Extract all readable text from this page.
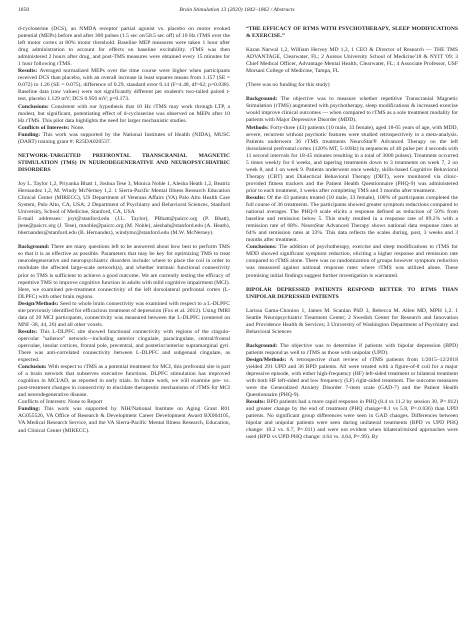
1850	Brain Stimulation 13 (2020) 1842–1862 / Abstracts

d-cycloserine (DCS), an NMDA receptor partial agonist vs. placebo on motor evoked potential (MEPs) before and after 300 pulses (1.5 sec on/58.5 sec off) of 10 Hz rTMS over the left motor cortex at 80% motor threshold. Baseline MEP measures were taken 1 hour after drug administration to account for effects on baseline excitability. rTMS was then administered 2 hours after drug, and post-TMS measures were obtained every 15 minutes for 1 hour following rTMS.

Results: Averaged normalized MEPs over the time course were higher when participants received DCS than placebo, with an overall increase in least squares means from 1.157 (SE = 0.072) to 1.26 (SE = 0.075), difference of 0.29, standard error 0.14 (F=4.48, df=62; p=0.038). Baseline data (raw values) were not significantly different per student's two-tailed paired t-test, placebo 1.129 mV; DCS 0.956 mV; p=0.173.

Conclusions: Consistent with our hypothesis that 10 Hz rTMS may work through LTP, a modest, but significant, potentiating effect of d-cycloserine was observed on MEPs after 10 Hz rTMS. This pilot data highlights the need for larger mechanistic studies.

Conflicts of Interests: None.

Funding: This work was supported by the National Institutes of Health (NIDA), MUSC (DART) training grant #: R25DA020537.

NETWORK-TARGETED PREFRONTAL TRANSCRANIAL MAGNETIC STIMULATION (TMS) IN NEURODEGENERATIVE AND NEUROPSYCHIATRIC DISORDERS

Joy L. Taylor 1,2, Priyanka Bhatt 1, Joshua Tese 3, Monica Noble 1, Alesha Heath 1,2, Beatriz Hernandez 1,2, M. Windy McNerney 1,2. 1 Sierra-Pacific Mental Illness Research Education Clinical Center (MIRECC), US Department of Veterans Affairs (VA) Palo Alto Health Care System, Palo Alto, CA, USA; 2 Department of Psychiatry and Behavioral Sciences, Stanford University, School of Medicine, Stanford, CA, USA

E-mail addresses: joyt@stanford.edu (J.L. Taylor), PBhatt@paicrc.org (P. Bhatt), jtese@paicrc.org (J. Tese), mnoble@paicrc.org (M. Noble), aleshah@stanford.edu (A. Heath), bhernandez@stanford.edu (B. Hernandez), windymc@stanford.edu (M.W. McNerney).

Background: There are many questions left to be answered about how best to perform TMS so that it is as effective as possible. Parameters that may be key for optimizing TMS to treat neurodegenerative and neuropsychiatric disorders include: where to place the coil in order to modulate the affected large-scale network(s), and whether intrinsic functional connectivity prior to TMS is sufficient to achieve a good outcome. We are currently testing the efficacy of repetitive TMS to improve cognitive function in adults with mild cognitive impairment (MCI). Here, we examined pre-treatment connectivity of the left dorsolateral prefrontal cortex (L-DLPFC) with other brain regions.

Design/Methods: Seed to whole brain connectivity was examined with respect to a L-DLPFC site previously identified for efficacious treatment of depression (Fox et al. 2012). Using fMRI data of 20 MCI participants, connectivity was measured between the L-DLPFC (centered on MNI -38, 44, 26) and all other voxels.

Results: This L-DLPFC site showed functional connectivity with regions of the cingulo-opercular "salience" network—including anterior cingulate, paracingulate, central/frontal operculae, insular cortices, frontal pole, precentral, and posterior/anterior supramarginal gyri. There was anti-correlated connectivity between L-DLPFC and subgenual cingulate, as expected.

Conclusion: With respect to rTMS as a potential treatment for MCI, this prefrontal site is part of a brain network that subserves executive functions. DLPFC stimulation has improved cognition in MCI/AD, as reported in early trials. In future work, we will examine pre- vs. post-treatment changes in connectivity to elucidate therapeutic mechanisms of rTMS for MCI and neurodegenerative disease.

Conflicts of Interests: None to Report

Funding: This work was supported by NIH/National Institute on Aging Grant R01 AG055526, VA Office of Research & Development Career Development Award BX004105, VA Medical Research Service, and the VA Sierra-Pacific Mental Illness Research, Education, and Clinical Center (MIRECC).

“THE EFFICACY OF RTMS WITH PSYCHOTHERAPY, SLEEP MODIFICATIONS & EXERCISE.”

Karan Narwal 1,2, William Hervey MD 1,2, 1 CEO & Director of Research — THE TMS ADVANTAGE, Clearwater, FL; 2 Aureus University School of Medicine'18 & NYIT '09; 3 Chief Medical Officer, Advantage Mental Health, Clearwater, FL; 4 Associate Professor, USF Morsani College of Medicine, Tampa, FL

(There was no funding for this study)

Background: The objective was to measure whether repetitive Transcranial Magnetic Stimulation (rTMS) augmented with psychotherapy, sleep modifications & increased exercise would improve clinical outcomes — when compared to rTMS as a sole treatment modality for patients with Major Depressive Disorder (MDD).

Methods: Forty-three (43) patients (10 male, 33 female), aged 18-65 years of age, with MDD, severe, recurrent without psychotic features were studied retrospectively in a meta-analysis. Patients underwent 36 rTMS treatments NeuroStar® Advanced Therapy on the left dorsolateral prefrontal cortex (120% MT, 5-10Hz) in sequences of 40 pulse per 4 seconds with 11 second intervals for 18-45 minutes resulting in a total of 3000 pulses). Treatment occurred 5 times weekly for 6 weeks, and tapering treatments down to 3 treatments on week 7, 2 on week 8, and 1 on week 9. Patients underwent once weekly, skills-based Cognitive Behavioral Therapy (CBT) and Dialectical Behavioral Therapy (DBT), were monitored via clinic-provided fitness trackers and the Patient Health Questionnaire (PHQ-9) was administered prior to each treatment, 3 weeks after completing TMS and 3 months after treatment.

Results: Of the 43 patients treated (10 male, 33 female), 100% of participants completed the full course of 36 treatments. The participants showed greater symptom reductions compared to national averages. The PHQ-9 scale elicits a response defined as reduction of 50% from baseline and remission below 5. This study resulted in a response rate of 89.2% with a remission rate of 68%. NeuroStar Advanced Therapy shows national data response rates at 64% and remission rates at 33%. This data reflects the scales during, post, 3 weeks and 3 months after treatment.

Conclusions: The addition of psychotherapy, exercise and sleep modifications to rTMS for MDD showed significant symptom reduction, eliciting a higher response and remission rate compared to rTMS alone. There was no randomization of groups however symptom reduction was measured against national response rates where rTMS was utilized alone. These promising initial findings suggest further investigation is warranted.

BIPOLAR DEPRESSED PATIENTS RESPOND BETTER TO RTMS THAN UNIPOLAR DEPRESSED PATIENTS

Larissa Gama-Chonion 1, James M. Scanlan PhD 3, Rebecca M. Allen MD, MPH 1,2. 1 Seattle Neuropsychiatric Treatment Center; 2 Swedish Center for Research and Innovation and Providence Health & Services; 3 University of Washington Department of Psychiatry and Behavioral Sciences

Background: The objective was to determine if patients with bipolar depression (BPD) patients respond as well to rTMS as those with unipolar (UPD).

Design/Methods: A retrospective chart review of rTMS patients from 1/2015–12/2018 yielded 291 UPD and 36 BPD patients. All were treated with a figure-of-8 coil for a major depressive episode, with either high-frequency (HF) left-sided treatment or bilateral treatment with both HF left-sided and low frequency (LF) right-sided treatment. The outcome measures were the Generalized Anxiety Disorder 7-item scale (GAD-7) and the Patient Health Questionnaire (PHQ-9).

Results: BPD patients had a more rapid response in PHQ (8.4 vs 11.2 by session 30, P=.012) and greater change by the end of treatment (PHQ change=8.1 vs 5.8, P=.0.036) than UPD patients. No significant group differences were seen in GAD changes. Differences between bipolar and unipolar patients were seen during unilateral treatments (BPD vs UPD PHQ change: 10.2 vs. 6.7, P=.011) and were not evident when bilateral/mixed approaches were used (BPD vs UPD PHQ change: 4.64 vs. 4.64, P=.99). By
